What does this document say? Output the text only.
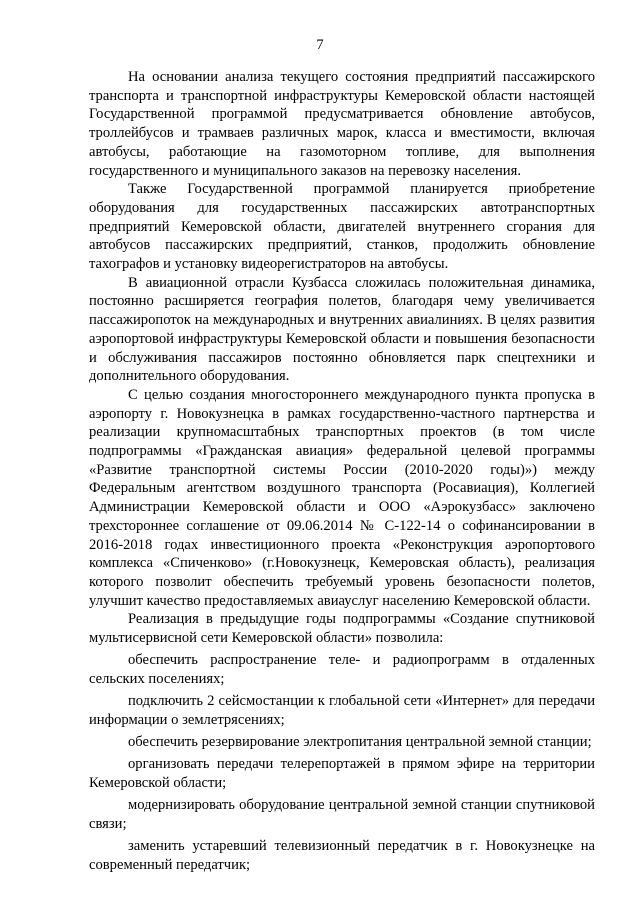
7

На основании анализа текущего состояния предприятий пассажирского транспорта и транспортной инфраструктуры Кемеровской области настоящей Государственной программой предусматривается обновление автобусов, троллейбусов и трамваев различных марок, класса и вместимости, включая автобусы, работающие на газомоторном топливе, для выполнения государственного и муниципального заказов на перевозку населения.

Также Государственной программой планируется приобретение оборудования для государственных пассажирских автотранспортных предприятий Кемеровской области, двигателей внутреннего сгорания для автобусов пассажирских предприятий, станков, продолжить обновление тахографов и установку видеорегистраторов на автобусы.

В авиационной отрасли Кузбасса сложилась положительная динамика, постоянно расширяется география полетов, благодаря чему увеличивается пассажиропоток на международных и внутренних авиалиниях. В целях развития аэропортовой инфраструктуры Кемеровской области и повышения безопасности и обслуживания пассажиров постоянно обновляется парк спецтехники и дополнительного оборудования.

С целью создания многостороннего международного пункта пропуска в аэропорту г. Новокузнецка в рамках государственно-частного партнерства и реализации крупномасштабных транспортных проектов (в том числе подпрограммы «Гражданская авиация» федеральной целевой программы «Развитие транспортной системы России (2010-2020 годы)») между Федеральным агентством воздушного транспорта (Росавиация), Коллегией Администрации Кемеровской области и ООО «Аэрокузбасс» заключено трехстороннее соглашение от 09.06.2014 № С-122-14 о софинансировании в 2016-2018 годах инвестиционного проекта «Реконструкция аэропортового комплекса «Спиченково» (г.Новокузнецк, Кемеровская область), реализация которого позволит обеспечить требуемый уровень безопасности полетов, улучшит качество предоставляемых авиауслуг населению Кемеровской области.

Реализация в предыдущие годы подпрограммы «Создание спутниковой мультисервисной сети Кемеровской области» позволила:

обеспечить распространение теле- и радиопрограмм в отдаленных сельских поселениях;

подключить 2 сейсмостанции к глобальной сети «Интернет» для передачи информации о землетрясениях;

обеспечить резервирование электропитания центральной земной станции;

организовать передачи телерепортажей в прямом эфире на территории Кемеровской области;

модернизировать оборудование центральной земной станции спутниковой связи;

заменить устаревший телевизионный передатчик в г. Новокузнецке на современный передатчик;
